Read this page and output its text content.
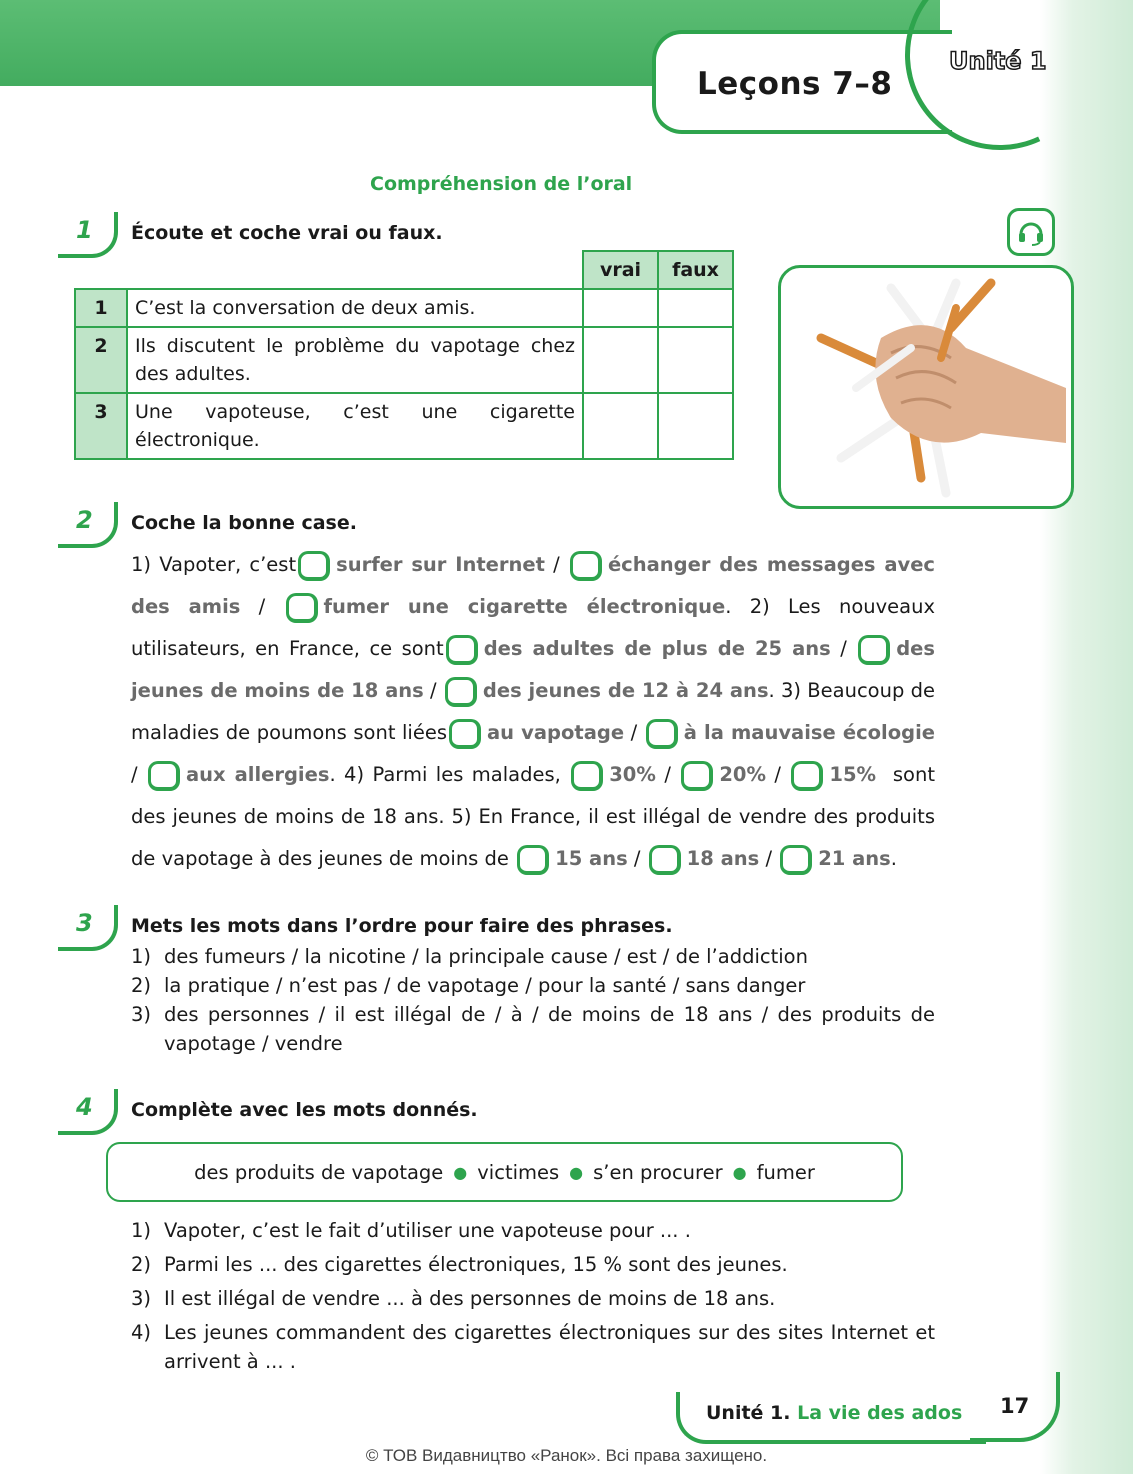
Leçons 7–8
Unité 1
Compréhension de l’oral
1 Écoute et coche vrai ou faux.
		vrai	faux
1	C’est la conversation de deux amis.		
2	Ils discutent le problème du vapotage chez des adultes.		
3	Une vapoteuse, c’est une cigarette électronique.		
2 Coche la bonne case.
1) Vapoter, c’est surfer sur Internet / échanger des messages avec des amis / fumer une cigarette électronique. 2) Les nouveaux utilisateurs, en France, ce sont des adultes de plus de 25 ans / des jeunes de moins de 18 ans / des jeunes de 12 à 24 ans. 3) Beaucoup de maladies de poumons sont liées au vapotage / à la mauvaise écologie / aux allergies. 4) Parmi les malades, 30% / 20% / 15% sont des jeunes de moins de 18 ans. 5) En France, il est illégal de vendre des produits de vapotage à des jeunes de moins de 15 ans / 18 ans / 21 ans.
3 Mets les mots dans l’ordre pour faire des phrases.
1) des fumeurs / la nicotine / la principale cause / est / de l’addiction
2) la pratique / n’est pas / de vapotage / pour la santé / sans danger
3) des personnes / il est illégal de / à / de moins de 18 ans / des produits de vapotage / vendre
4 Complète avec les mots donnés.
des produits de vapotage ● victimes ● s’en procurer ● fumer
1) Vapoter, c’est le fait d’utiliser une vapoteuse pour ... .
2) Parmi les ... des cigarettes électroniques, 15 % sont des jeunes.
3) Il est illégal de vendre ... à des personnes de moins de 18 ans.
4) Les jeunes commandent des cigarettes électroniques sur des sites Internet et arrivent à ... .
Unité 1. La vie des ados 17
© ТОВ Видавництво «Ранок». Всі права захищено.
